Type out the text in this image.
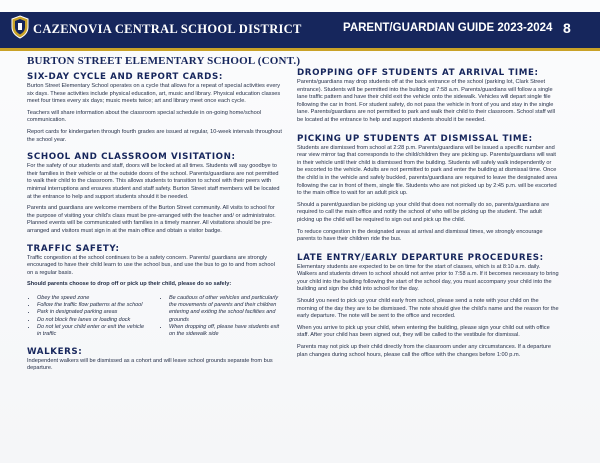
CAZENOVIA CENTRAL SCHOOL DISTRICT	PARENT/GUARDIAN GUIDE 2023-2024 8
BURTON STREET ELEMENTARY SCHOOL (CONT.)
SIX-DAY CYCLE AND REPORT CARDS:

Burton Street Elementary School operates on a cycle that allows for a repeat of special activities every six days. These activities include physical education, art, music and library. Physical education classes meet four times every six days; music meets twice; art and library meet once each cycle.

Teachers will share information about the classroom special schedule in on-going home/school communication.

Report cards for kindergarten through fourth grades are issued at regular, 10-week intervals throughout the school year.

SCHOOL AND CLASSROOM VISITATION:

For the safety of our students and staff, doors will be locked at all times. Students will say goodbye to their families in their vehicle or at the outside doors of the school. Parents/guardians are not permitted to walk their child to the classroom. This allows students to transition to school with their peers with minimal interruptions and ensures student and staff safety. Burton Street staff members will be located at the entrance to help and support students should it be needed.

Parents and guardians are welcome members of the Burton Street community. All visits to school for the purpose of visiting your child’s class must be pre-arranged with the teacher and/ or administrator. Planned events will be communicated with families in a timely manner. All visitations should be pre-arranged and visitors must sign in at the main office and obtain a visitor badge.

TRAFFIC SAFETY:

Traffic congestion at the school continues to be a safety concern. Parents/ guardians are strongly encouraged to have their child learn to use the school bus, and use the bus to go to and from school on a regular basis.

Should parents choose to drop off or pick up their child, please do so safely:

• Obey the speed zone
• Follow the traffic flow patterns at the school
• Park in designated parking areas
• Do not block fire lanes or loading dock
• Do not let your child enter or exit the vehicle in traffic
• Be cautious of other vehicles and particularly the movements of parents and their children entering and exiting the school facilities and grounds
• When dropping off, please have students exit on the sidewalk side
WALKERS:

Independent walkers will be dismissed as a cohort and will leave school grounds separate from bus departure.

DROPPING OFF STUDENTS AT ARRIVAL TIME:

Parents/guardians may drop students off at the back entrance of the school (parking lot, Clark Street entrance). Students will be permitted into the building at 7:58 a.m. Parents/guardians will follow a single lane traffic pattern and have their child exit the vehicle onto the sidewalk. Vehicles will depart single file following the car in front. For student safety, do not pass the vehicle in front of you and stay in the single lane. Parents/guardians are not permitted to park and walk their child to their classroom. School staff will be located at the entrance to help and support students should it be needed.

PICKING UP STUDENTS AT DISMISSAL TIME:

Students are dismissed from school at 2:28 p.m. Parents/guardians will be issued a specific number and rear view mirror tag that corresponds to the child/children they are picking up. Parents/guardians will wait in their vehicle until their child is dismissed from the building. Students will safely walk independently or be escorted to the vehicle. Adults are not permitted to park and enter the building at dismissal time. Once the child is in the vehicle and safely buckled, parents/guardians are required to leave the designated area following the car in front of them, single file. Students who are not picked up by 2:45 p.m. will be escorted to the main office to wait for an adult pick up.

Should a parent/guardian be picking up your child that does not normally do so, parents/guardians are required to call the main office and notify the school of who will be picking up the student. The adult picking up the child will be required to sign out and pick up the child.

To reduce congestion in the designated areas at arrival and dismissal times, we strongly encourage parents to have their children ride the bus.

LATE ENTRY/EARLY DEPARTURE PROCEDURES:

Elementary students are expected to be on time for the start of classes, which is at 8:10 a.m. daily. Walkers and students driven to school should not arrive prior to 7:58 a.m. If it becomes necessary to bring your child into the building following the start of the school day, you must accompany your child into the building and sign the child into school for the day.

Should you need to pick up your child early from school, please send a note with your child on the morning of the day they are to be dismissed. The note should give the child’s name and the reason for the early departure. The note will be sent to the office and recorded.

When you arrive to pick up your child, when entering the building, please sign your child out with office staff. After your child has been signed out, they will be called to the vestibule for dismissal.

Parents may not pick up their child directly from the classroom under any circumstances. If a departure plan changes during school hours, please call the office with the changes before 1:00 p.m.
